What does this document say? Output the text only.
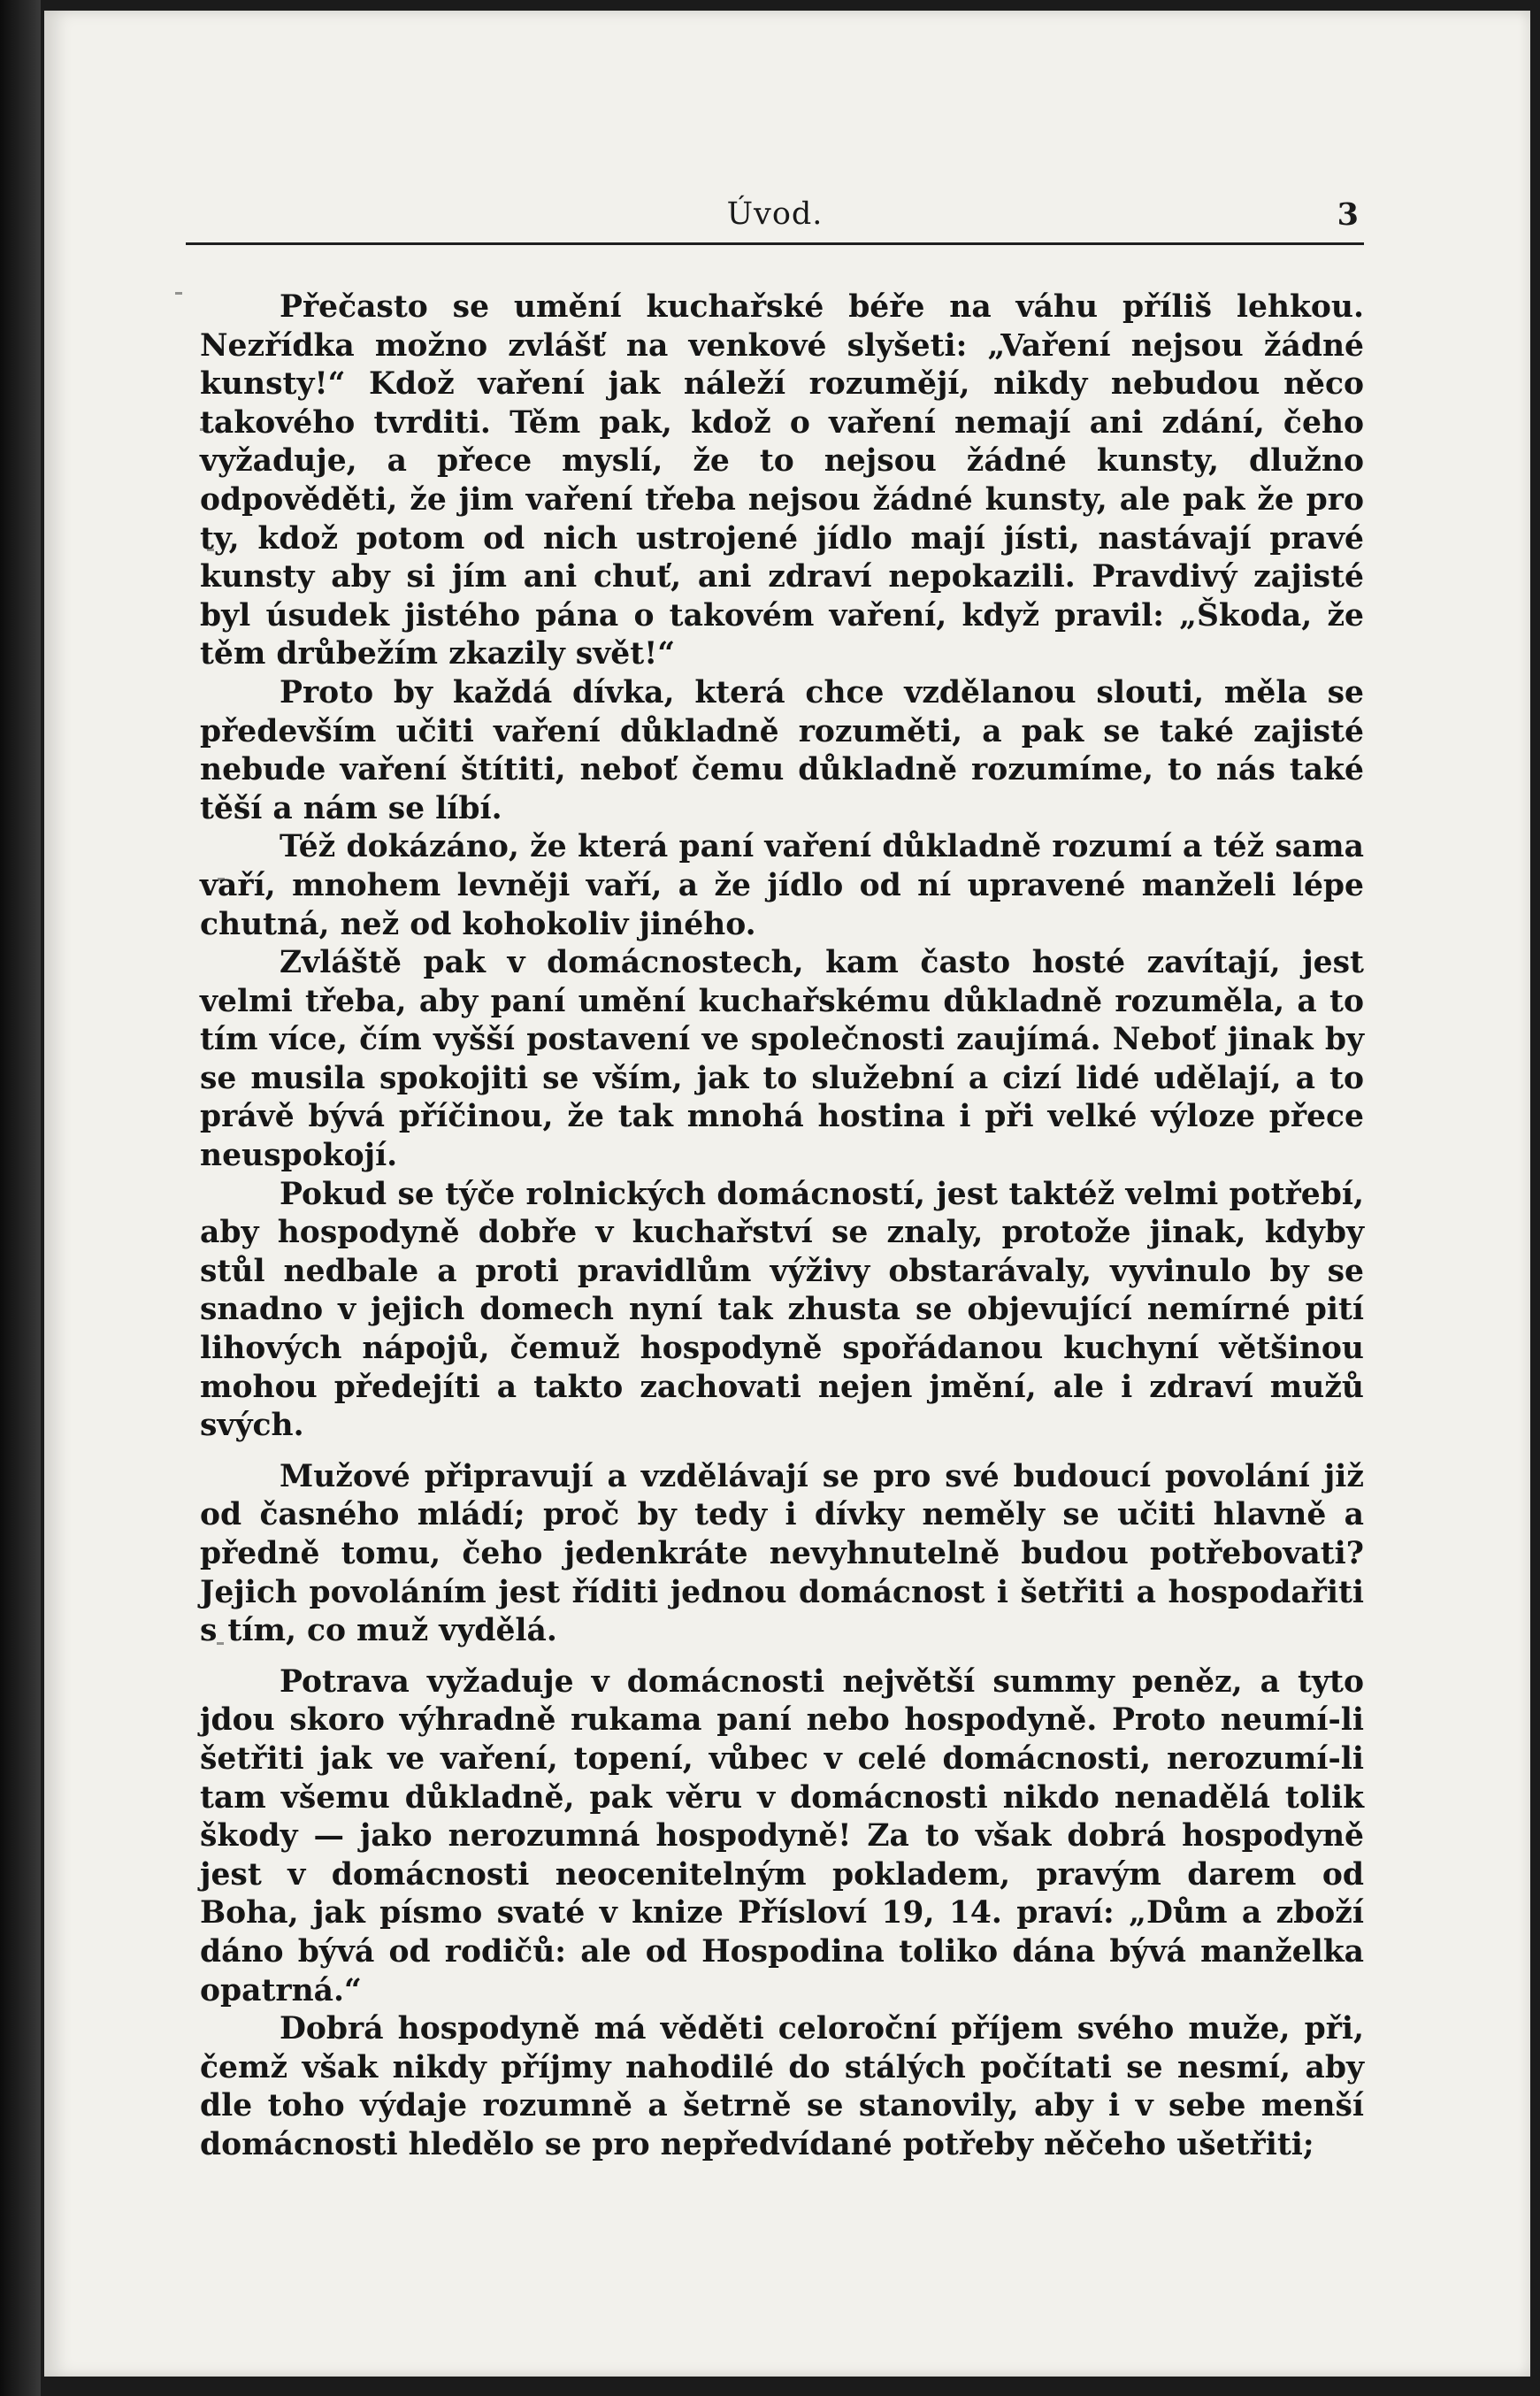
Úvod.	3

Přečasto se umění kuchařské béře na váhu příliš lehkou. Nezřídka možno zvlášť na venkové slyšeti: „Vaření nejsou žádné kunsty!“ Kdož vaření jak náleží rozumějí, nikdy nebudou něco takového tvrditi. Těm pak, kdož o vaření nemají ani zdání, čeho vyžaduje, a přece myslí, že to nejsou žádné kunsty, dlužno odpověděti, že jim vaření třeba nejsou žádné kunsty, ale pak že pro ty, kdož potom od nich ustrojené jídlo mají jísti, nastávají pravé kunsty aby si jím ani chuť, ani zdraví nepokazili. Pravdivý zajisté byl úsudek jistého pána o takovém vaření, když pravil: „Škoda, že těm drůbežím zkazily svět!“

Proto by každá dívka, která chce vzdělanou slouti, měla se především učiti vaření důkladně rozuměti, a pak se také zajisté nebude vaření štítiti, neboť čemu důkladně rozumíme, to nás také těší a nám se líbí.

Též dokázáno, že která paní vaření důkladně rozumí a též sama vaří, mnohem levněji vaří, a že jídlo od ní upravené manželi lépe chutná, než od kohokoliv jiného.

Zvláště pak v domácnostech, kam často hosté zavítají, jest velmi třeba, aby paní umění kuchařskému důkladně rozuměla, a to tím více, čím vyšší postavení ve společnosti zaujímá. Neboť jinak by se musila spokojiti se vším, jak to služební a cizí lidé udělají, a to právě bývá příčinou, že tak mnohá hostina i při velké výloze přece neuspokojí.

Pokud se týče rolnických domácností, jest taktéž velmi potřebí, aby hospodyně dobře v kuchařství se znaly, protože jinak, kdyby stůl nedbale a proti pravidlům výživy obstarávaly, vyvinulo by se snadno v jejich domech nyní tak zhusta se objevující nemírné pití lihových nápojů, čemuž hospodyně spořádanou kuchyní většinou mohou předejíti a takto zachovati nejen jmění, ale i zdraví mužů svých.

Mužové připravují a vzdělávají se pro své budoucí povolání již od časného mládí; proč by tedy i dívky neměly se učiti hlavně a předně tomu, čeho jedenkráte nevyhnutelně budou potřebovati? Jejich povoláním jest říditi jednou domácnost i šetřiti a hospodařiti s tím, co muž vydělá.

Potrava vyžaduje v domácnosti největší summy peněz, a tyto jdou skoro výhradně rukama paní nebo hospodyně. Proto neumí-li šetřiti jak ve vaření, topení, vůbec v celé domácnosti, nerozumí-li tam všemu důkladně, pak věru v domácnosti nikdo nenadělá tolik škody — jako nerozumná hospodyně! Za to však dobrá hospodyně jest v domácnosti neocenitelným pokladem, pravým darem od Boha, jak písmo svaté v knize Přísloví 19, 14. praví: „Dům a zboží dáno bývá od rodičů: ale od Hospodina toliko dána bývá manželka opatrná.“

Dobrá hospodyně má věděti celoroční příjem svého muže, při, čemž však nikdy příjmy nahodilé do stálých počítati se nesmí, aby dle toho výdaje rozumně a šetrně se stanovily, aby i v sebe menší domácnosti hledělo se pro nepředvídané potřeby něčeho ušetřiti;
